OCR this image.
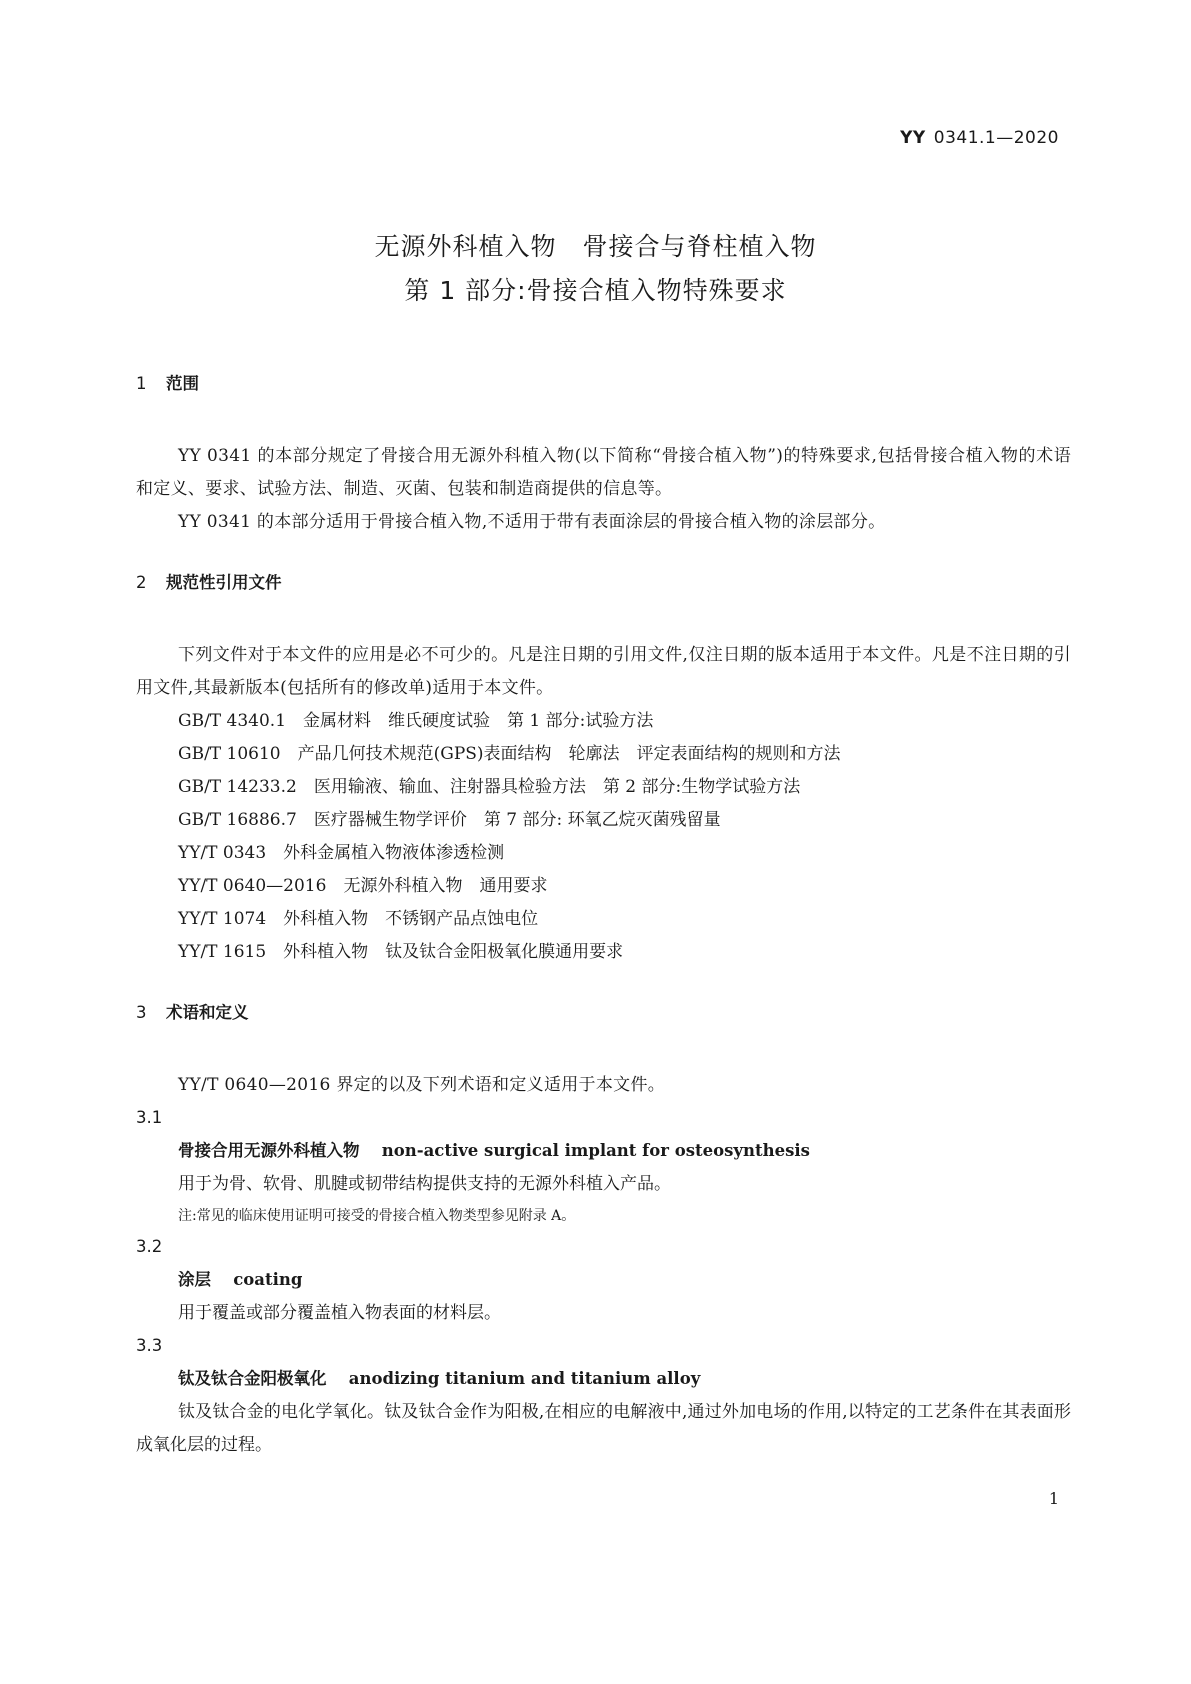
YY 0341.1—2020
无源外科植入物　骨接合与脊柱植入物
第 1 部分:骨接合植入物特殊要求
1 范围
YY 0341 的本部分规定了骨接合用无源外科植入物(以下简称“骨接合植入物”)的特殊要求,包括骨接合植入物的术语和定义、要求、试验方法、制造、灭菌、包装和制造商提供的信息等。
YY 0341 的本部分适用于骨接合植入物,不适用于带有表面涂层的骨接合植入物的涂层部分。
2 规范性引用文件
下列文件对于本文件的应用是必不可少的。凡是注日期的引用文件,仅注日期的版本适用于本文件。凡是不注日期的引用文件,其最新版本(包括所有的修改单)适用于本文件。
GB/T 4340.1　金属材料　维氏硬度试验　第 1 部分:试验方法
GB/T 10610　产品几何技术规范(GPS)表面结构　轮廓法　评定表面结构的规则和方法
GB/T 14233.2　医用输液、输血、注射器具检验方法　第 2 部分:生物学试验方法
GB/T 16886.7　医疗器械生物学评价　第 7 部分: 环氧乙烷灭菌残留量
YY/T 0343　外科金属植入物液体渗透检测
YY/T 0640—2016　无源外科植入物　通用要求
YY/T 1074　外科植入物　不锈钢产品点蚀电位
YY/T 1615　外科植入物　钛及钛合金阳极氧化膜通用要求
3 术语和定义
YY/T 0640—2016 界定的以及下列术语和定义适用于本文件。
3.1
骨接合用无源外科植入物　 non-active surgical implant for osteosynthesis
用于为骨、软骨、肌腱或韧带结构提供支持的无源外科植入产品。
注:常见的临床使用证明可接受的骨接合植入物类型参见附录 A。
3.2
涂层　 coating
用于覆盖或部分覆盖植入物表面的材料层。
3.3
钛及钛合金阳极氧化　 anodizing titanium and titanium alloy
钛及钛合金的电化学氧化。钛及钛合金作为阳极,在相应的电解液中,通过外加电场的作用,以特定的工艺条件在其表面形成氧化层的过程。
1
